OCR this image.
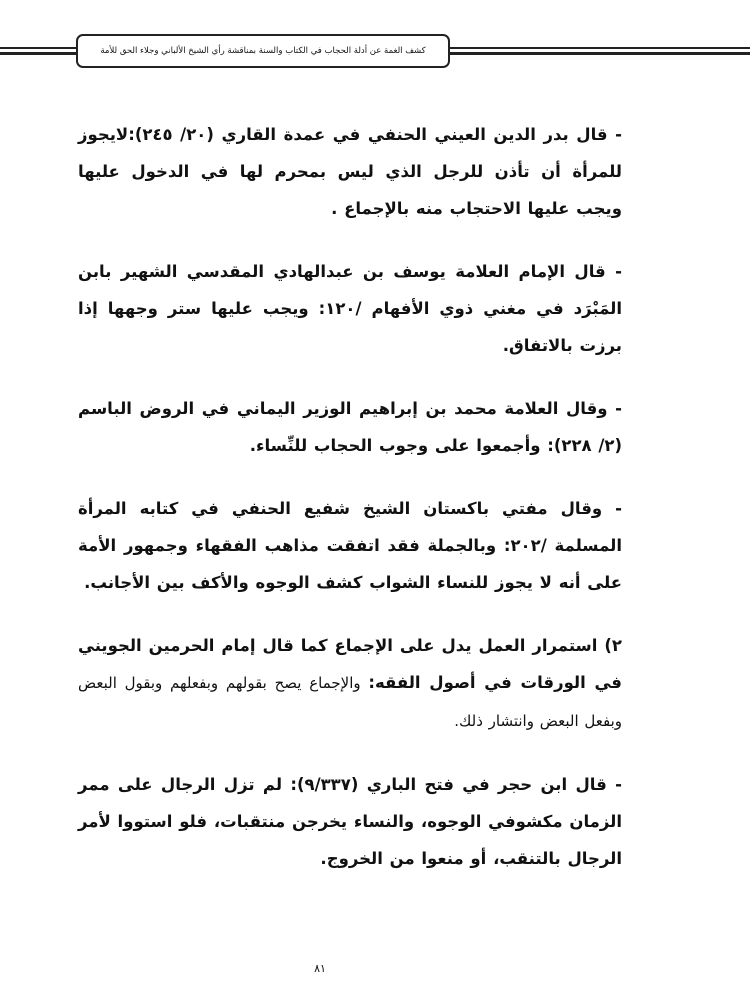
كشف الغمة عن أدلة الحجاب في الكتاب والسنة بمناقشة رأي الشيخ الألباني وجلاء الحق للأمة

- قال بدر الدين العيني الحنفي في عمدة القاري (٢٠/ ٢٤٥):لايجوز للمرأة أن تأذن للرجل الذي ليس بمحرم لها في الدخول عليها ويجب عليها الاحتجاب منه بالإجماع .

- قال الإمام العلامة يوسف بن عبدالهادي المقدسي الشهير بابن المَبْرَد في مغني ذوي الأفهام /١٢٠: ويجب عليها ستر وجهها إذا برزت بالاتفاق.

- وقال العلامة محمد بن إبراهيم الوزير اليماني في الروض الباسم (٢/ ٢٢٨): وأجمعوا على وجوب الحجاب للنِّساء.

- وقال مفتي باكستان الشيخ شفيع الحنفي في كتابه المرأة المسلمة /٢٠٢: وبالجملة فقد اتفقت مذاهب الفقهاء وجمهور الأمة على أنه لا يجوز للنساء الشواب كشف الوجوه والأكف بين الأجانب.

٢) استمرار العمل يدل على الإجماع كما قال إمام الحرمين الجويني في الورقات في أصول الفقه: والإجماع يصح بقولهم وبفعلهم وبقول البعض وبفعل البعض وانتشار ذلك.

- قال ابن حجر في فتح الباري (٩/٣٣٧): لم تزل الرجال على ممر الزمان مكشوفي الوجوه، والنساء يخرجن منتقبات، فلو استووا لأمر الرجال بالتنقب، أو منعوا من الخروج.

٨١
